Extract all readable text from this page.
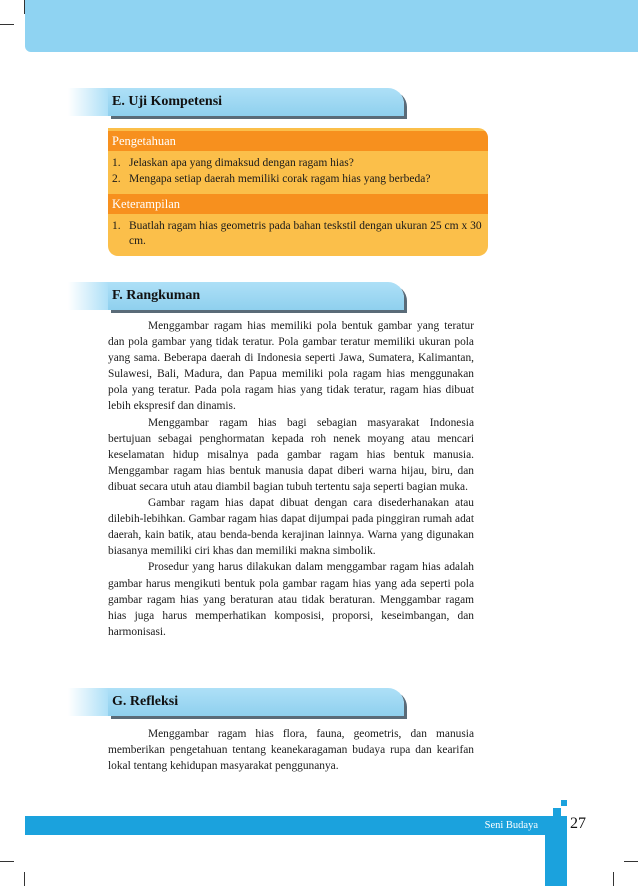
E. Uji Kompetensi
Pengetahuan
1. Jelaskan apa yang dimaksud dengan ragam hias?
2. Mengapa setiap daerah memiliki corak ragam hias yang berbeda?
Keterampilan
1. Buatlah ragam hias geometris pada bahan teskstil dengan ukuran 25 cm x 30 cm.
F. Rangkuman

Menggambar ragam hias memiliki pola bentuk gambar yang teratur dan pola gambar yang tidak teratur. Pola gambar teratur memiliki ukuran pola yang sama. Beberapa daerah di Indonesia seperti Jawa, Sumatera, Kalimantan, Sulawesi, Bali, Madura, dan Papua memiliki pola ragam hias menggunakan pola yang teratur. Pada pola ragam hias yang tidak teratur, ragam hias dibuat lebih ekspresif dan dinamis.

Menggambar ragam hias bagi sebagian masyarakat Indonesia bertujuan sebagai penghormatan kepada roh nenek moyang atau mencari keselamatan hidup misalnya pada gambar ragam hias bentuk manusia. Menggambar ragam hias bentuk manusia dapat diberi warna hijau, biru, dan dibuat secara utuh atau diambil bagian tubuh tertentu saja seperti bagian muka.

Gambar ragam hias dapat dibuat dengan cara disederhanakan atau dilebih-lebihkan. Gambar ragam hias dapat dijumpai pada pinggiran rumah adat daerah, kain batik, atau benda-benda kerajinan lainnya. Warna yang digunakan biasanya memiliki ciri khas dan memiliki makna simbolik.

Prosedur yang harus dilakukan dalam menggambar ragam hias adalah gambar harus mengikuti bentuk pola gambar ragam hias yang ada seperti pola gambar ragam hias yang beraturan atau tidak beraturan. Menggambar ragam hias juga harus memperhatikan komposisi, proporsi, keseimbangan, dan harmonisasi.

G. Refleksi

Menggambar ragam hias flora, fauna, geometris, dan manusia memberikan pengetahuan tentang keanekaragaman budaya rupa dan kearifan lokal tentang kehidupan masyarakat penggunanya.

Seni Budaya	27
